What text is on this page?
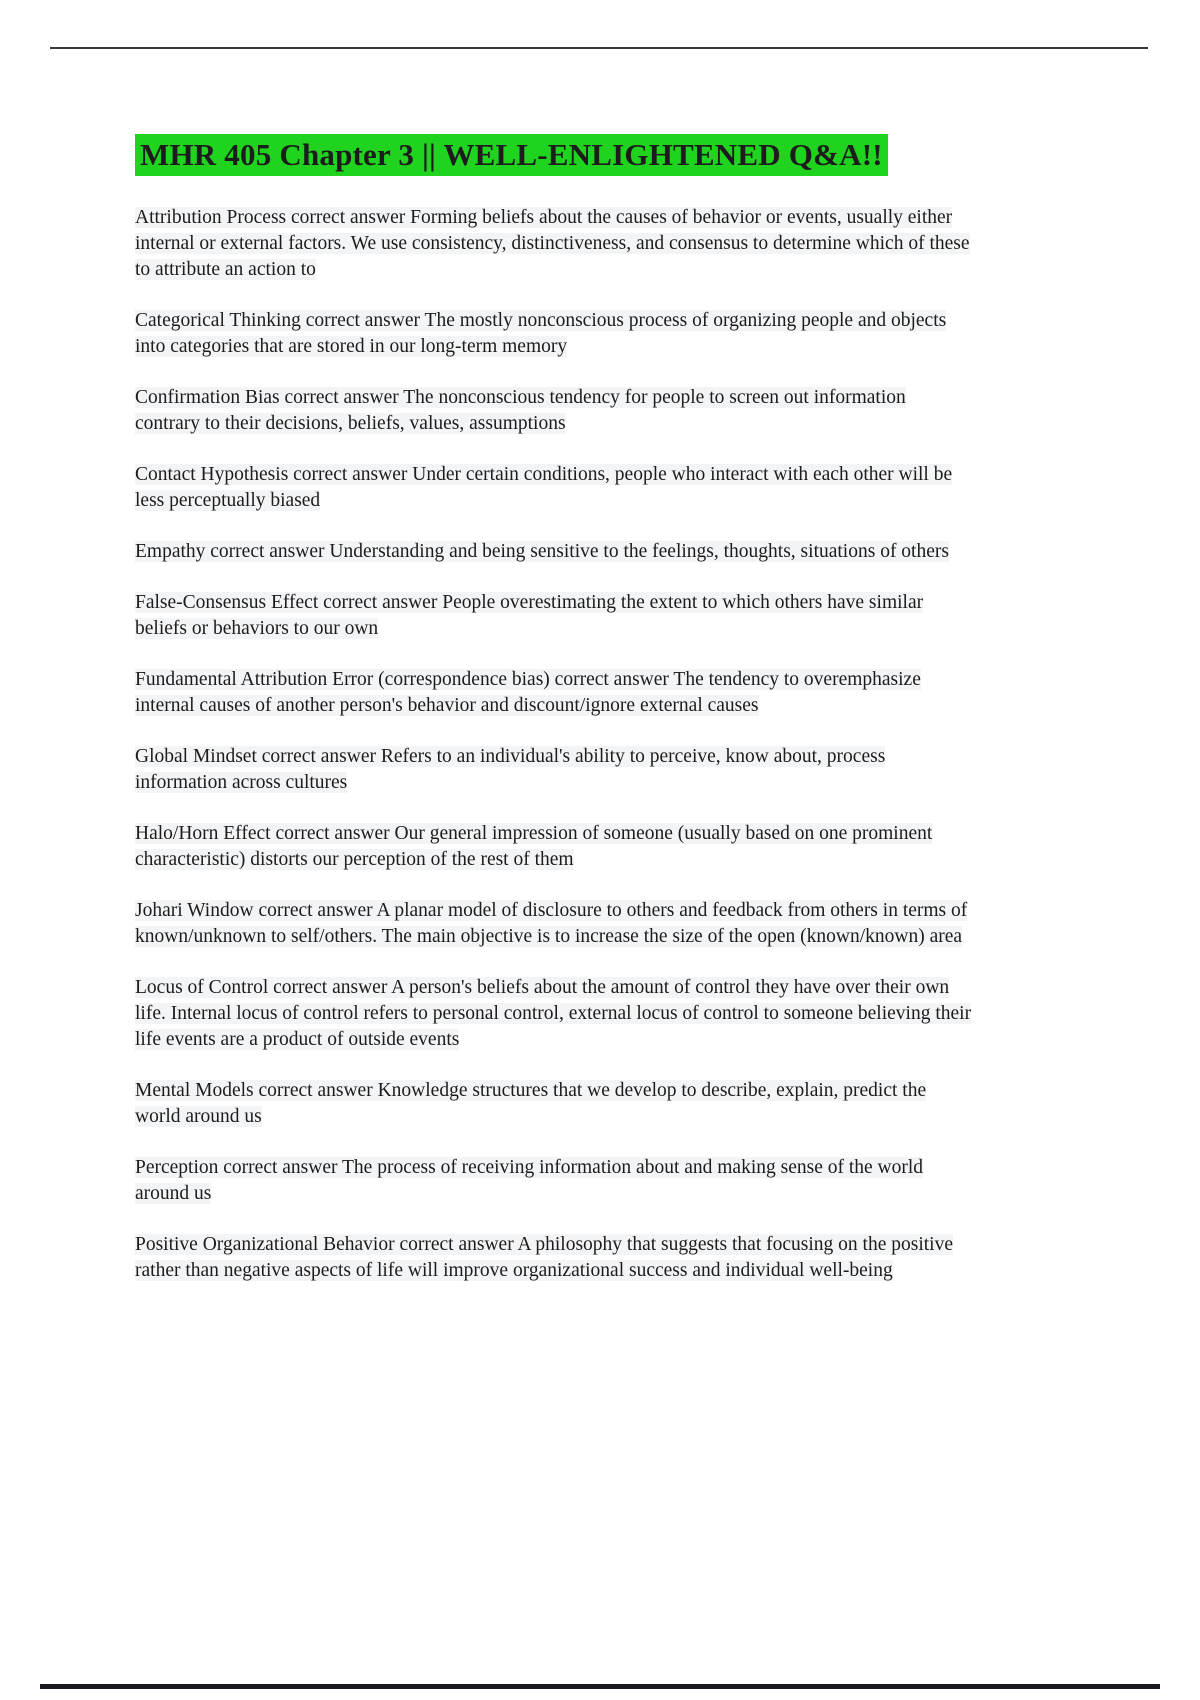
MHR 405 Chapter 3 || WELL-ENLIGHTENED Q&A!!

Attribution Process correct answer Forming beliefs about the causes of behavior or events, usually either internal or external factors. We use consistency, distinctiveness, and consensus to determine which of these to attribute an action to

Categorical Thinking correct answer The mostly nonconscious process of organizing people and objects into categories that are stored in our long-term memory

Confirmation Bias correct answer The nonconscious tendency for people to screen out information contrary to their decisions, beliefs, values, assumptions

Contact Hypothesis correct answer Under certain conditions, people who interact with each other will be less perceptually biased

Empathy correct answer Understanding and being sensitive to the feelings, thoughts, situations of others

False-Consensus Effect correct answer People overestimating the extent to which others have similar beliefs or behaviors to our own

Fundamental Attribution Error (correspondence bias) correct answer The tendency to overemphasize internal causes of another person's behavior and discount/ignore external causes

Global Mindset correct answer Refers to an individual's ability to perceive, know about, process information across cultures

Halo/Horn Effect correct answer Our general impression of someone (usually based on one prominent characteristic) distorts our perception of the rest of them

Johari Window correct answer A planar model of disclosure to others and feedback from others in terms of known/unknown to self/others. The main objective is to increase the size of the open (known/known) area

Locus of Control correct answer A person's beliefs about the amount of control they have over their own life. Internal locus of control refers to personal control, external locus of control to someone believing their life events are a product of outside events

Mental Models correct answer Knowledge structures that we develop to describe, explain, predict the world around us

Perception correct answer The process of receiving information about and making sense of the world around us

Positive Organizational Behavior correct answer A philosophy that suggests that focusing on the positive rather than negative aspects of life will improve organizational success and individual well-being
